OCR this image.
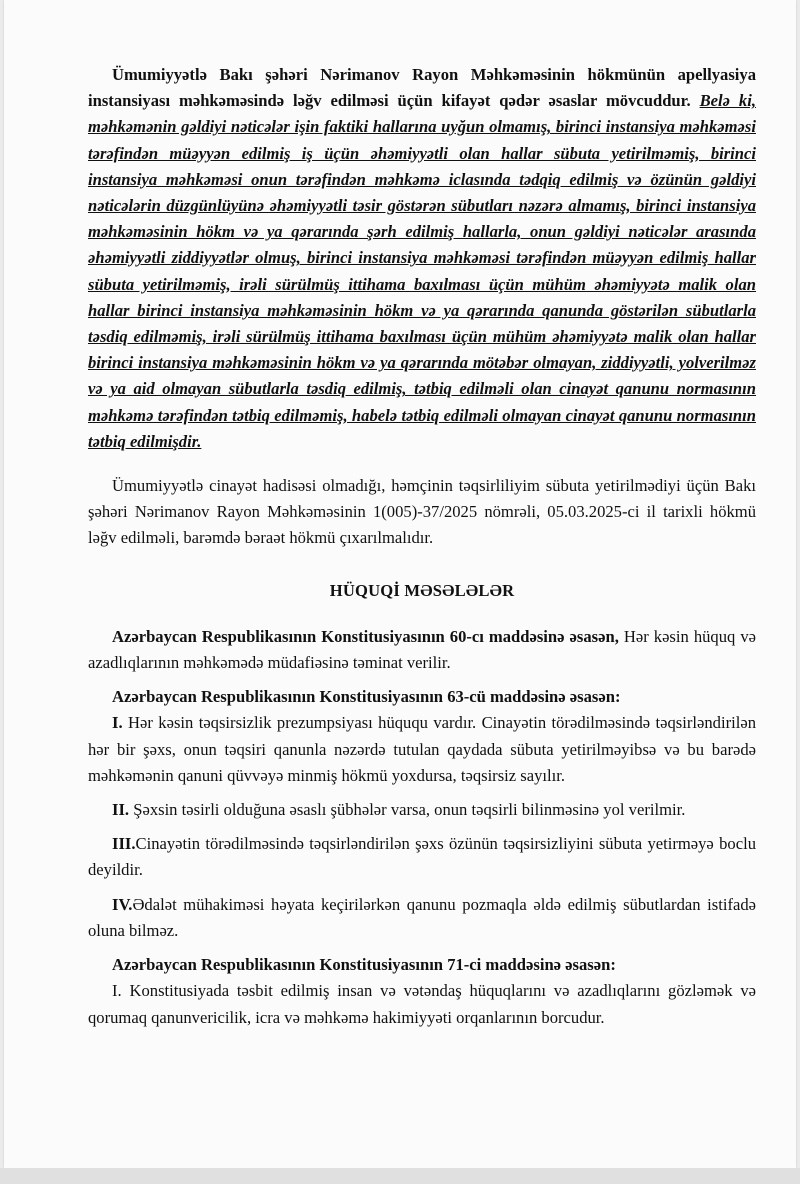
Ümumiyyətlə Bakı şəhəri Nərimanov Rayon Məhkəməsinin hökmünün apellyasiya instansiyası məhkəməsində ləğv edilməsi üçün kifayət qədər əsaslar mövcuddur. Belə ki, məhkəmənin gəldiyi nəticələr işin faktiki hallarına uyğun olmamış, birinci instansiya məhkəməsi tərəfindən müəyyən edilmiş iş üçün əhəmiyyətli olan hallar sübuta yetirilməmiş, birinci instansiya məhkəməsi onun tərəfindən məhkəmə iclasında tədqiq edilmiş və özünün gəldiyi nəticələrin düzgünlüyünə əhəmiyyətli təsir göstərən sübutları nəzərə almamış, birinci instansiya məhkəməsinin hökm və ya qərarında şərh edilmiş hallarla, onun gəldiyi nəticələr arasında əhəmiyyətli ziddiyyətlər olmuş, birinci instansiya məhkəməsi tərəfindən müəyyən edilmiş hallar sübuta yetirilməmiş, irəli sürülmüş ittihama baxılması üçün mühüm əhəmiyyətə malik olan hallar birinci instansiya məhkəməsinin hökm və ya qərarında qanunda göstərilən sübutlarla təsdiq edilməmiş, irəli sürülmüş ittihama baxılması üçün mühüm əhəmiyyətə malik olan hallar birinci instansiya məhkəməsinin hökm və ya qərarında mötəbər olmayan, ziddiyyətli, yolverilməz və ya aid olmayan sübutlarla təsdiq edilmiş, tətbiq edilməli olan cinayət qanunu normasının məhkəmə tərəfindən tətbiq edilməmiş, habelə tətbiq edilməli olmayan cinayət qanunu normasının tətbiq edilmişdir.

Ümumiyyətlə cinayət hadisəsi olmadığı, həmçinin təqsirliliyim sübuta yetirilmədiyi üçün Bakı şəhəri Nərimanov Rayon Məhkəməsinin 1(005)-37/2025 nömrəli, 05.03.2025-ci il tarixli hökmü ləğv edilməli, barəmdə bəraət hökmü çıxarılmalıdır.

HÜQUQİ MƏSƏLƏLƏR

Azərbaycan Respublikasının Konstitusiyasının 60-cı maddəsinə əsasən, Hər kəsin hüquq və azadlıqlarının məhkəmədə müdafiəsinə təminat verilir.

Azərbaycan Respublikasının Konstitusiyasının 63-cü maddəsinə əsasən:

I. Hər kəsin təqsirsizlik prezumpsiyası hüququ vardır. Cinayətin törədilməsində təqsirləndirilən hər bir şəxs, onun təqsiri qanunla nəzərdə tutulan qaydada sübuta yetirilməyibsə və bu barədə məhkəmənin qanuni qüvvəyə minmiş hökmü yoxdursa, təqsirsiz sayılır.

II. Şəxsin təsirli olduğuna əsaslı şübhələr varsa, onun təqsirli bilinməsinə yol verilmir.

III.Cinayətin törədilməsində təqsirləndirilən şəxs özünün təqsirsizliyini sübuta yetirməyə boclu deyildir.

IV.Ədalət mühakiməsi həyata keçirilərkən qanunu pozmaqla əldə edilmiş sübutlardan istifadə oluna bilməz.

Azərbaycan Respublikasının Konstitusiyasının 71-ci maddəsinə əsasən:

I. Konstitusiyada təsbit edilmiş insan və vətəndaş hüquqlarını və azadlıqlarını gözləmək və qorumaq qanunvericilik, icra və məhkəmə hakimiyyəti orqanlarının borcudur.
